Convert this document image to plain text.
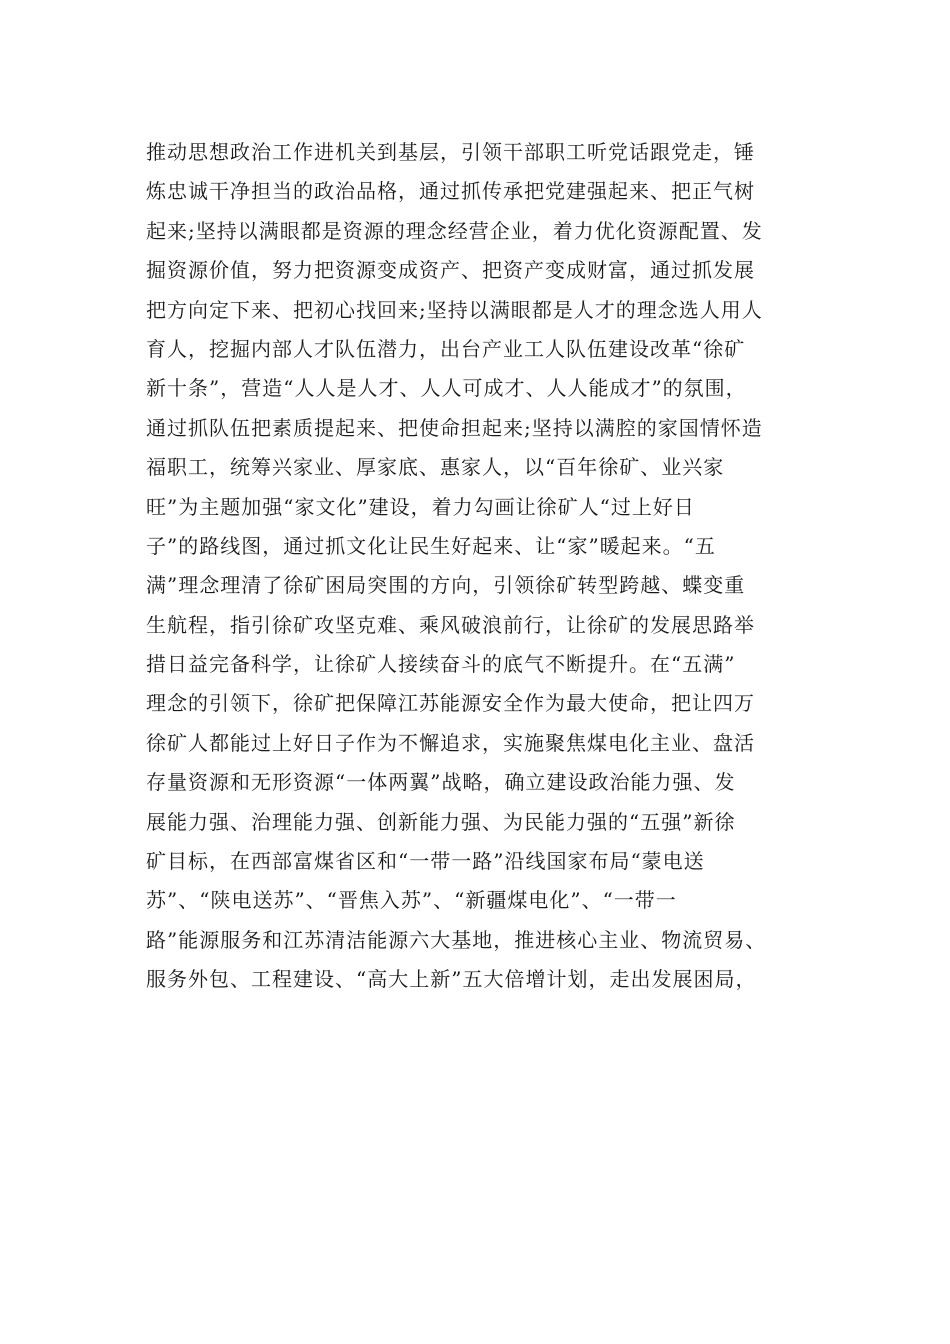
推动思想政治工作进机关到基层，引领干部职工听党话跟党走，锤
炼忠诚干净担当的政治品格，通过抓传承把党建强起来、把正气树
起来;坚持以满眼都是资源的理念经营企业，着力优化资源配置、发
掘资源价值，努力把资源变成资产、把资产变成财富，通过抓发展
把方向定下来、把初心找回来;坚持以满眼都是人才的理念选人用人
育人，挖掘内部人才队伍潜力，出台产业工人队伍建设改革“徐矿
新十条”，营造“人人是人才、人人可成才、人人能成才”的氛围，
通过抓队伍把素质提起来、把使命担起来;坚持以满腔的家国情怀造
福职工，统筹兴家业、厚家底、惠家人，以“百年徐矿、业兴家
旺”为主题加强“家文化”建设，着力勾画让徐矿人“过上好日
子”的路线图，通过抓文化让民生好起来、让“家”暖起来。“五
满”理念理清了徐矿困局突围的方向，引领徐矿转型跨越、蝶变重
生航程，指引徐矿攻坚克难、乘风破浪前行，让徐矿的发展思路举
措日益完备科学，让徐矿人接续奋斗的底气不断提升。在“五满”
理念的引领下，徐矿把保障江苏能源安全作为最大使命，把让四万
徐矿人都能过上好日子作为不懈追求，实施聚焦煤电化主业、盘活
存量资源和无形资源“一体两翼”战略，确立建设政治能力强、发
展能力强、治理能力强、创新能力强、为民能力强的“五强”新徐
矿目标，在西部富煤省区和“一带一路”沿线国家布局“蒙电送
苏”、“陕电送苏”、“晋焦入苏”、“新疆煤电化”、“一带一
路”能源服务和江苏清洁能源六大基地，推进核心主业、物流贸易、
服务外包、工程建设、“高大上新”五大倍增计划，走出发展困局，
